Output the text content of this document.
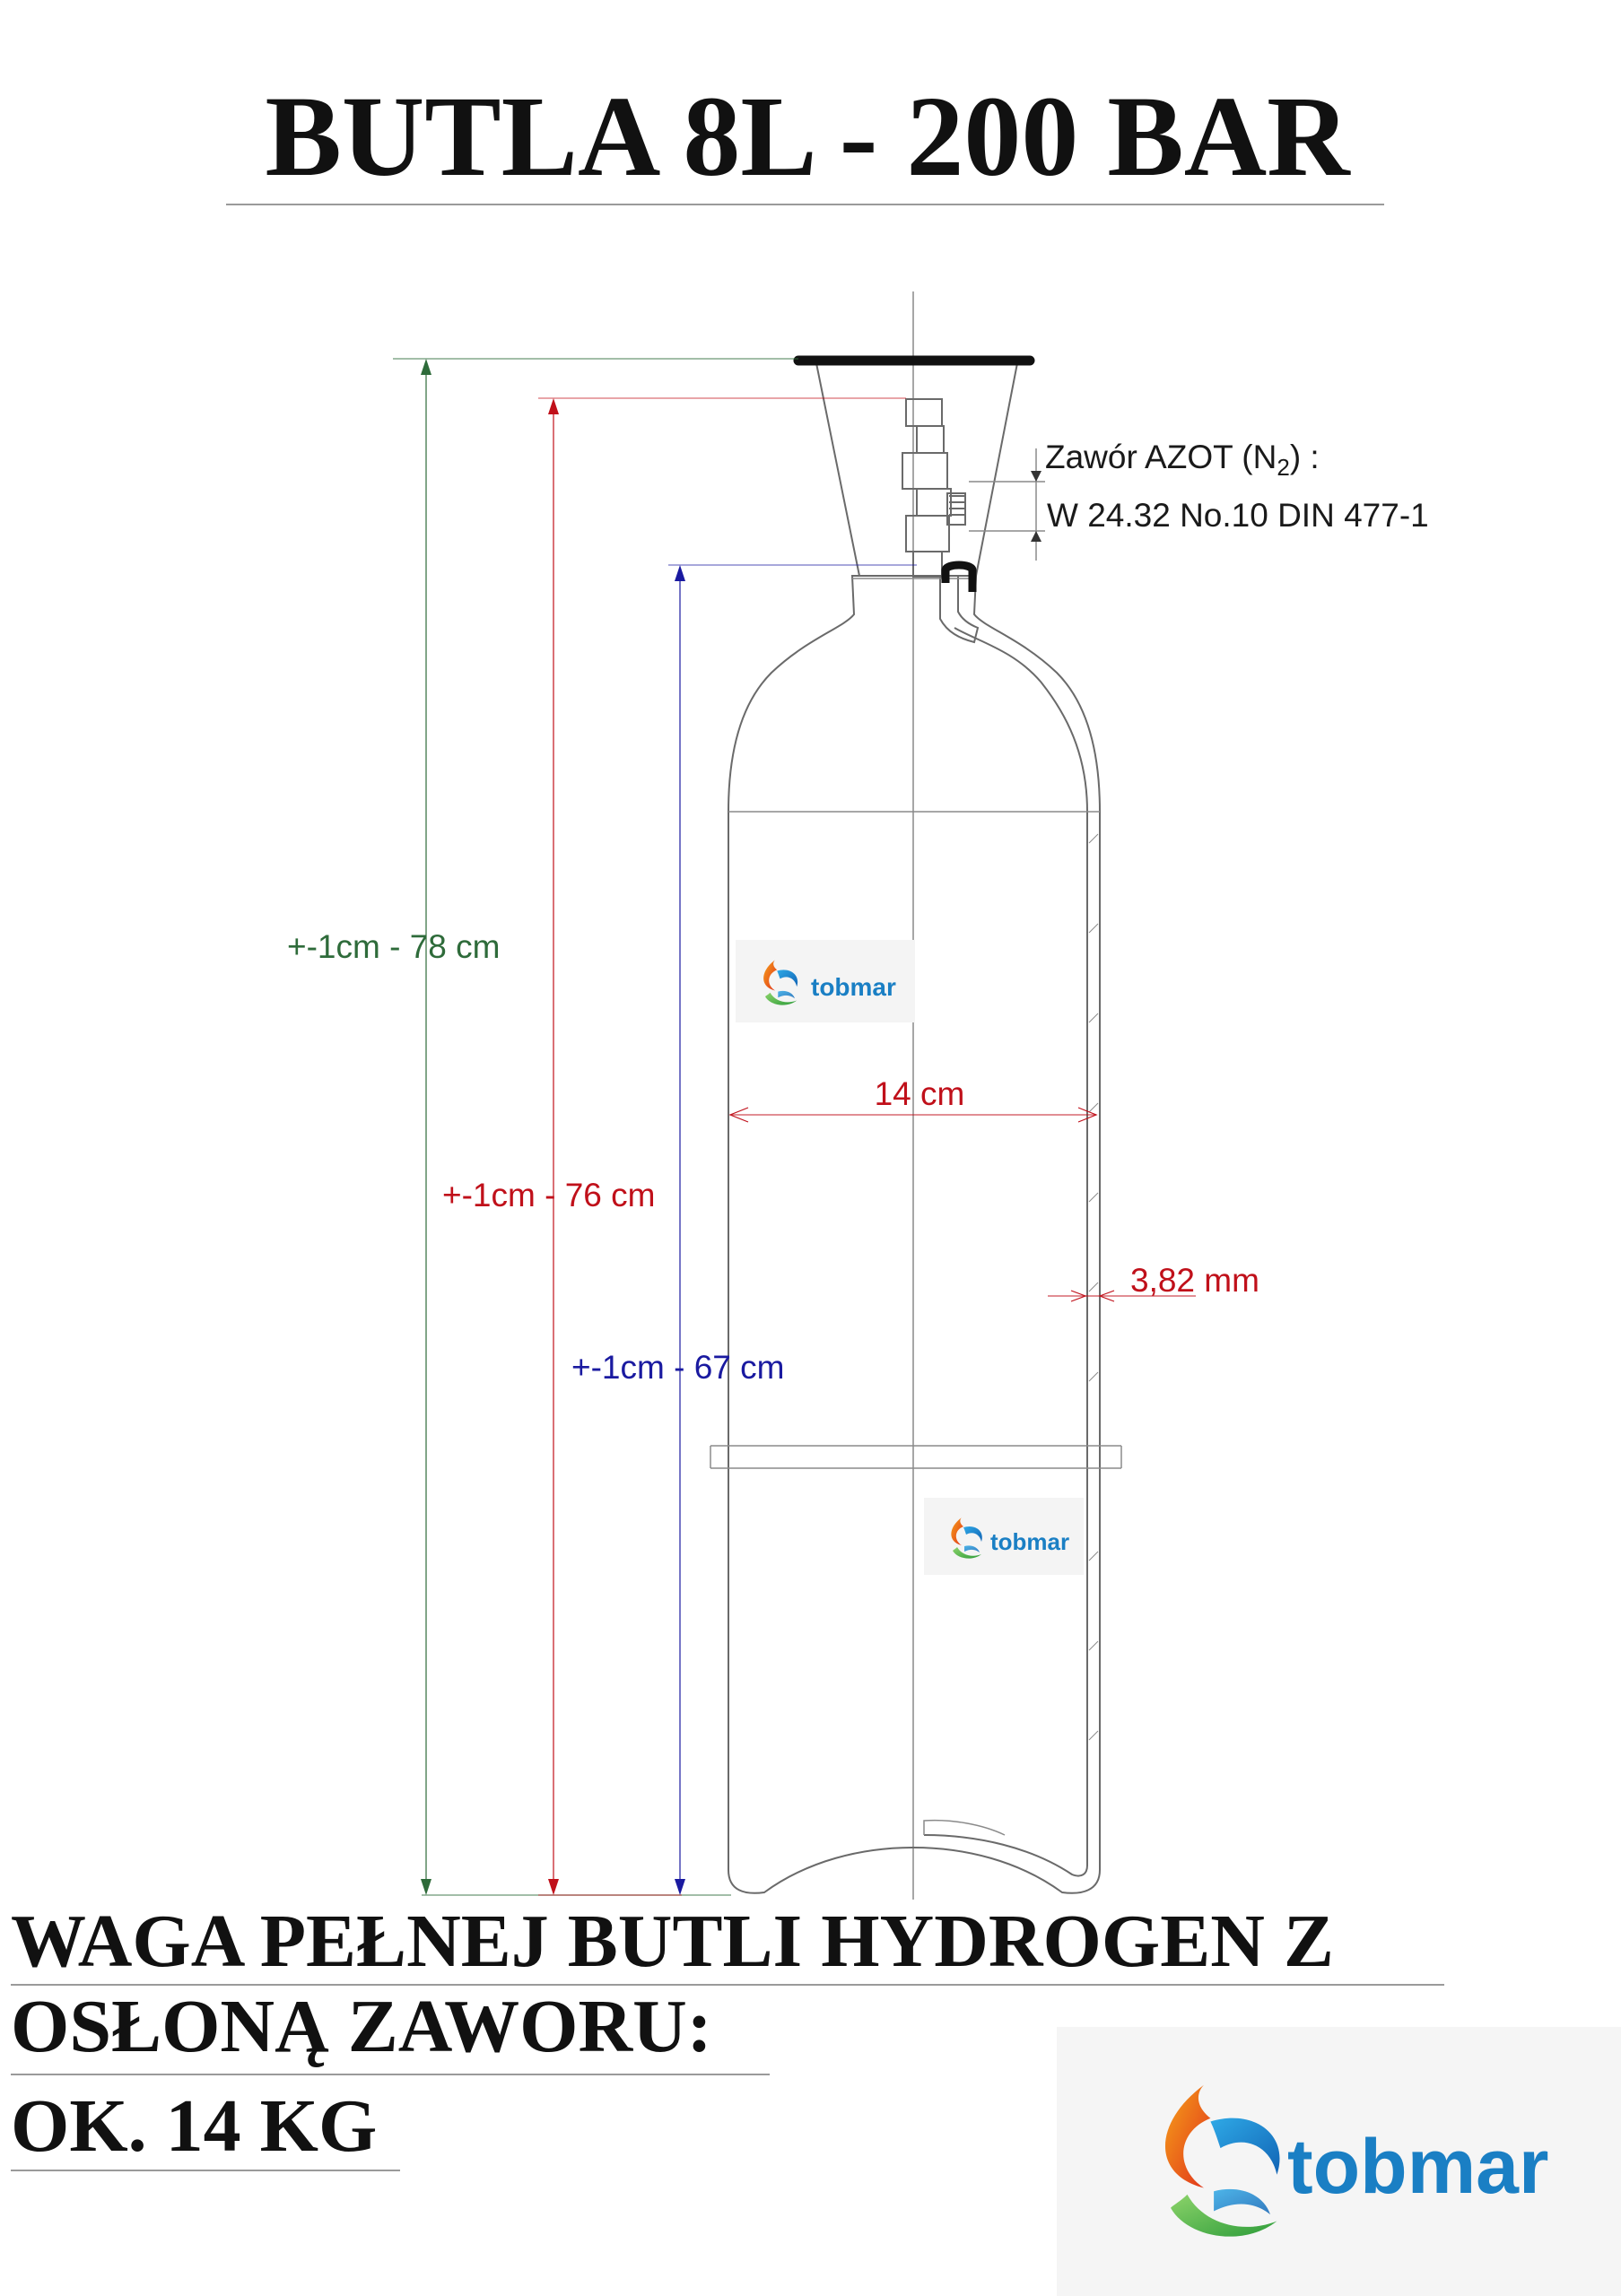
BUTLA 8L - 200 BAR
Zawór AZOT $(N_2)$ :
W 24.32 No.10 DIN 477-1
+-1cm - 78 cm
+-1cm - 76 cm
+-1cm - 67 cm
14 cm
3,82 mm
tobmar
tobmar
WAGA PEŁNEJ BUTLI HYDROGEN Z
OSŁONĄ ZAWORU:
OK. 14 KG	tobmar
